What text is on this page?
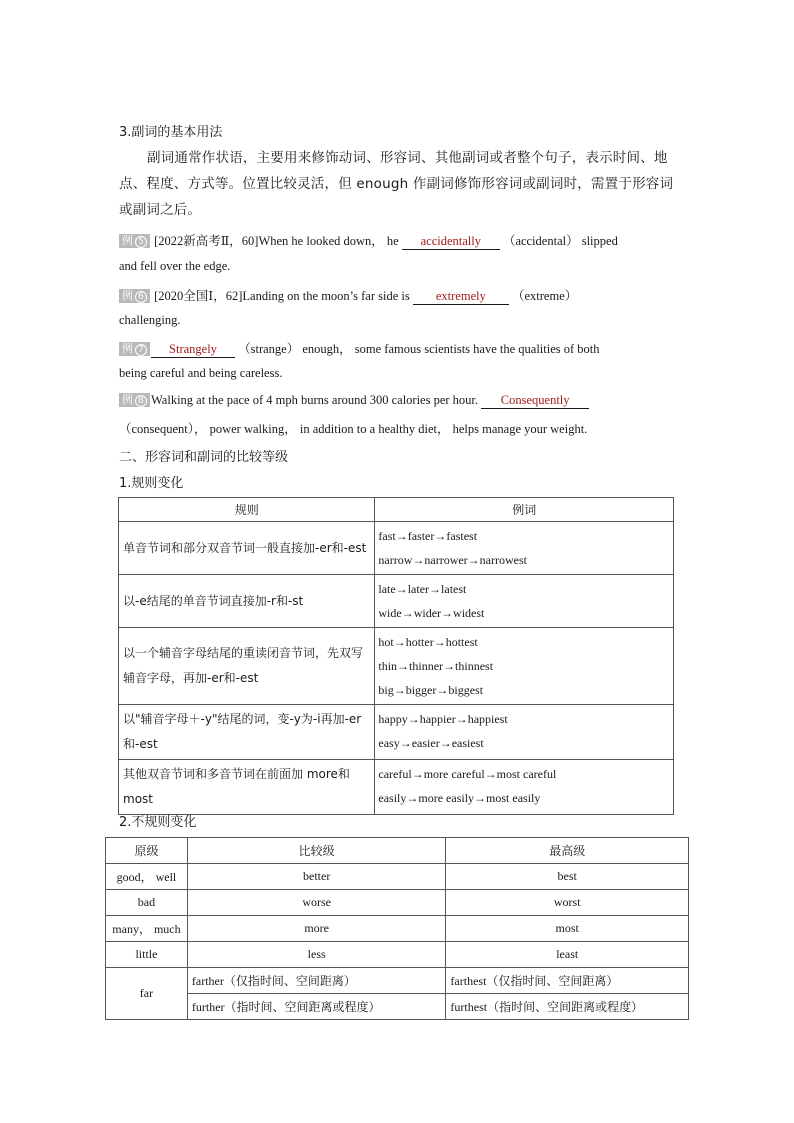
3.副词的基本用法
副词通常作状语，主要用来修饰动词、形容词、其他副词或者整个句子，表示时间、地点、程度、方式等。位置比较灵活，但 enough 作副词修饰形容词或副词时，需置于形容词或副词之后。
例 5 [2022新高考Ⅱ，60]When he looked down， he accidentally （accidental） slipped
and fell over the edge.
例 6 [2020全国Ⅰ，62]Landing on the moon’s far side is extremely （extreme）
challenging.
例 7 Strangely （strange） enough， some famous scientists have the qualities of both
being careful and being careless.
例 8 Walking at the pace of 4 mph burns around 300 calories per hour. Consequently
（consequent）， power walking， in addition to a healthy diet， helps manage your weight.
二、形容词和副词的比较等级
1.规则变化
规则	例词
单音节词和部分双音节词一般直接加-er和-est	fast→faster→fastest
narrow→narrower→narrowest

以-e结尾的单音节词直接加-r和-st	late→later→latest
wide→wider→widest

以一个辅音字母结尾的重读闭音节词，先双写辅音字母，再加-er和-est	hot→hotter→hottest
thin→thinner→thinnest
big→bigger→biggest

以"辅音字母＋-y"结尾的词，变-y为-i再加-er和-est	happy→happier→happiest
easy→easier→easiest

其他双音节词和多音节词在前面加 more和 most	careful→more careful→most careful
easily→more easily→most easily
2.不规则变化
原级	比较级	最高级
good， well	better	best
bad	worse	worst
many， much	more	most
little	less	least
far	farther（仅指时间、空间距离）	farthest（仅指时间、空间距离）
	further（指时间、空间距离或程度）	furthest（指时间、空间距离或程度）
